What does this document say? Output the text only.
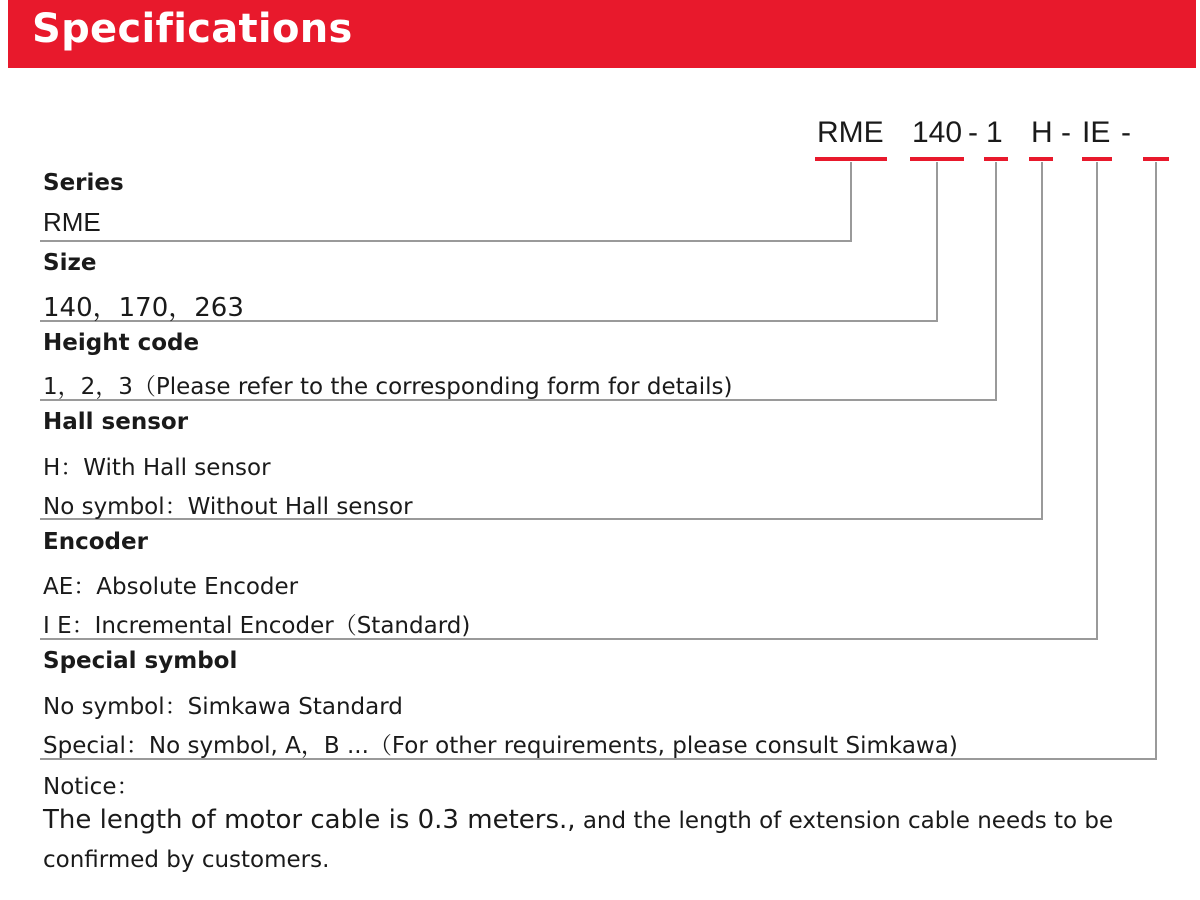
Specifications
RME 140 - 1 H - IE -
Series
RME
Size
140，170，263
Height code
1，2，3（Please refer to the corresponding form for details)
Hall sensor
H：With Hall sensor
No symbol：Without Hall sensor
Encoder
AE：Absolute Encoder
I E：Incremental Encoder（Standard)
Special symbol
No symbol：Simkawa Standard
Special：No symbol, A，B ...（For other requirements, please consult Simkawa)
Notice：
The length of motor cable is 0.3 meters., and the length of extension cable needs to be
confirmed by customers.
